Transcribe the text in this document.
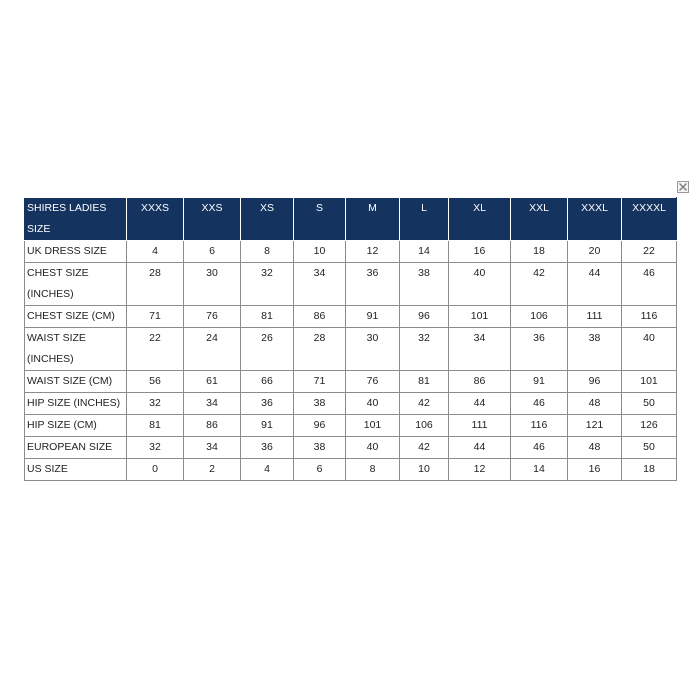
SHIRES LADIES SIZE	XXXS	XXS	XS	S	M	L	XL	XXL	XXXL	XXXXL
UK DRESS SIZE	4	6	8	10	12	14	16	18	20	22
CHEST SIZE (INCHES)	28	30	32	34	36	38	40	42	44	46
CHEST SIZE (CM)	71	76	81	86	91	96	101	106	111	116
WAIST SIZE (INCHES)	22	24	26	28	30	32	34	36	38	40
WAIST SIZE (CM)	56	61	66	71	76	81	86	91	96	101
HIP SIZE (INCHES)	32	34	36	38	40	42	44	46	48	50
HIP SIZE (CM)	81	86	91	96	101	106	111	116	121	126
EUROPEAN SIZE	32	34	36	38	40	42	44	46	48	50
US SIZE	0	2	4	6	8	10	12	14	16	18
